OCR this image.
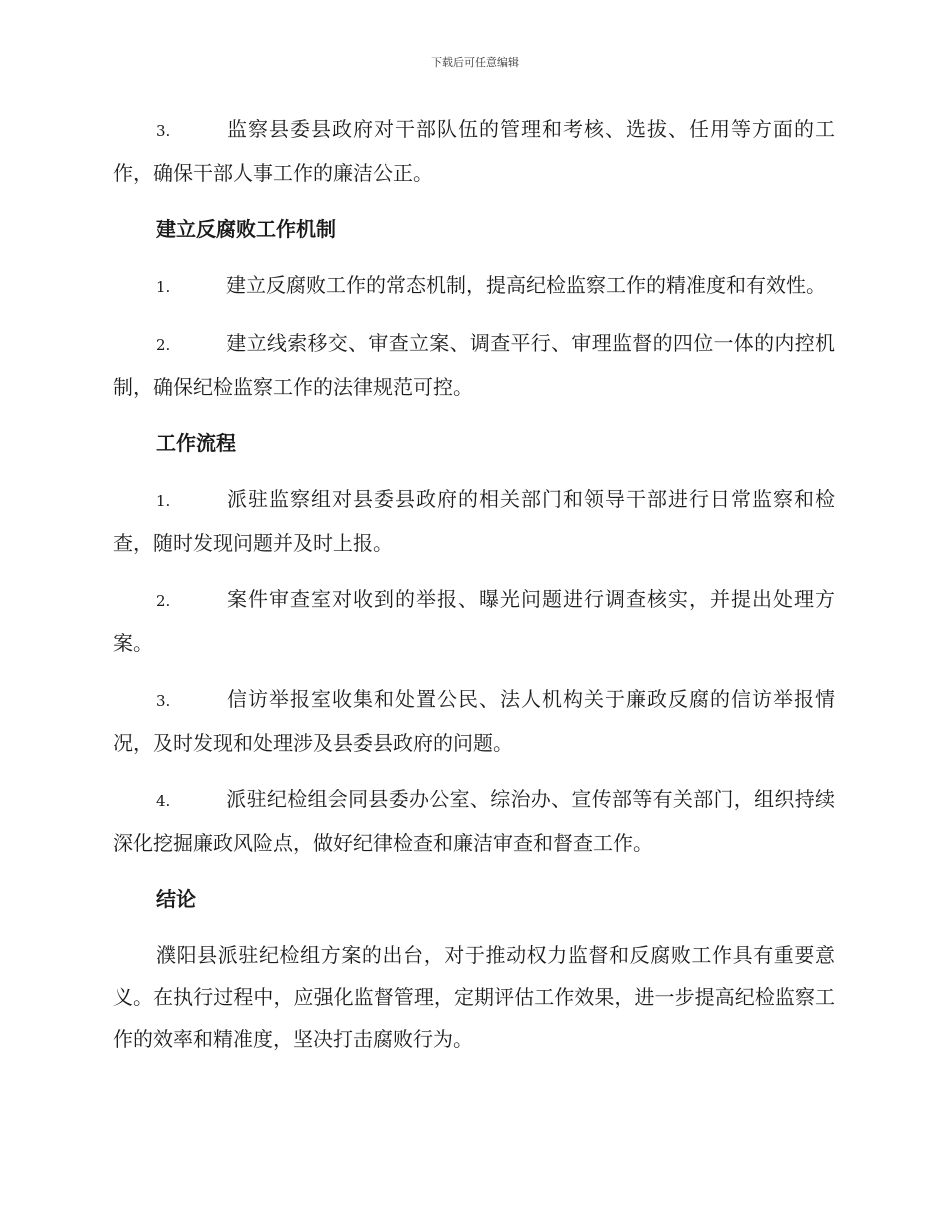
下载后可任意编辑
3.	监察县委县政府对干部队伍的管理和考核、选拔、任用等方面的工作，确保干部人事工作的廉洁公正。
建立反腐败工作机制
1.	建立反腐败工作的常态机制，提高纪检监察工作的精准度和有效性。
2.	建立线索移交、审查立案、调查平行、审理监督的四位一体的内控机制，确保纪检监察工作的法律规范可控。
工作流程
1.	派驻监察组对县委县政府的相关部门和领导干部进行日常监察和检查，随时发现问题并及时上报。
2.	案件审查室对收到的举报、曝光问题进行调查核实，并提出处理方案。
3.	信访举报室收集和处置公民、法人机构关于廉政反腐的信访举报情况，及时发现和处理涉及县委县政府的问题。
4.	派驻纪检组会同县委办公室、综治办、宣传部等有关部门，组织持续深化挖掘廉政风险点，做好纪律检查和廉洁审查和督查工作。
结论

濮阳县派驻纪检组方案的出台，对于推动权力监督和反腐败工作具有重要意义。在执行过程中，应强化监督管理，定期评估工作效果，进一步提高纪检监察工作的效率和精准度，坚决打击腐败行为。
